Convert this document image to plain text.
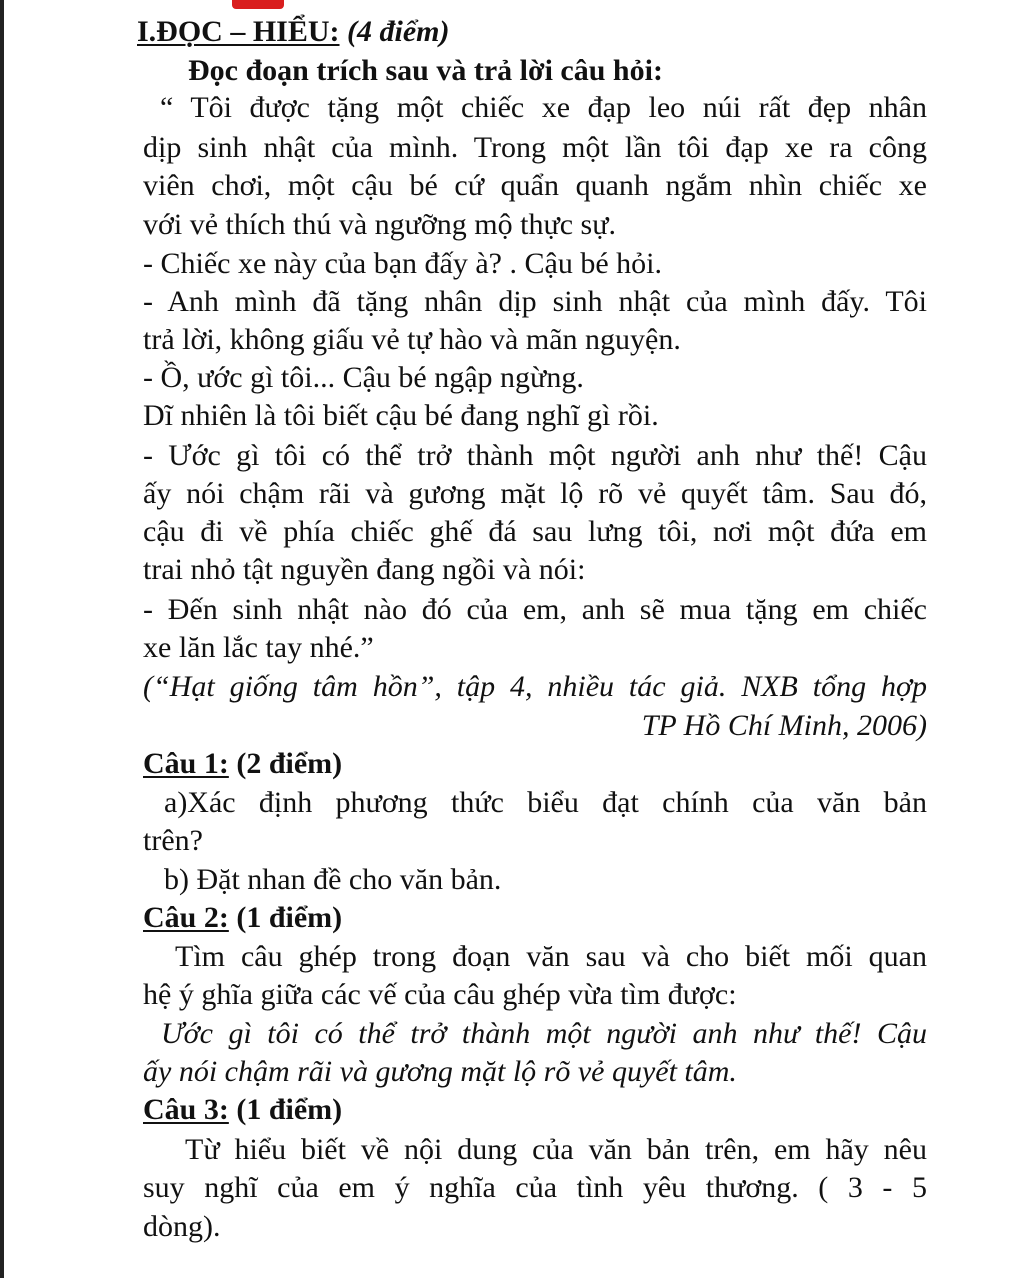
I.ĐỌC – HIỂU: (4 điểm)

Đọc đoạn trích sau và trả lời câu hỏi:

“ Tôi được tặng một chiếc xe đạp leo núi rất đẹp nhân

dịp sinh nhật của mình. Trong một lần tôi đạp xe ra công

viên chơi, một cậu bé cứ quẩn quanh ngắm nhìn chiếc xe

với vẻ thích thú và ngưỡng mộ thực sự.

- Chiếc xe này của bạn đấy à? . Cậu bé hỏi.

- Anh mình đã tặng nhân dịp sinh nhật của mình đấy. Tôi

trả lời, không giấu vẻ tự hào và mãn nguyện.

- Ồ, ước gì tôi... Cậu bé ngập ngừng.

Dĩ nhiên là tôi biết cậu bé đang nghĩ gì rồi.

- Ước gì tôi có thể trở thành một người anh như thế! Cậu

ấy nói chậm rãi và gương mặt lộ rõ vẻ quyết tâm. Sau đó,

cậu đi về phía chiếc ghế đá sau lưng tôi, nơi một đứa em

trai nhỏ tật nguyền đang ngồi và nói:

- Đến sinh nhật nào đó của em, anh sẽ mua tặng em chiếc

xe lăn lắc tay nhé.”

(“Hạt giống tâm hồn”, tập 4, nhiều tác giả. NXB tổng hợp

TP Hồ Chí Minh, 2006)

Câu 1: (2 điểm)

a)Xác định phương thức biểu đạt chính của văn bản

trên?

b) Đặt nhan đề cho văn bản.

Câu 2: (1 điểm)

Tìm câu ghép trong đoạn văn sau và cho biết mối quan

hệ ý ghĩa giữa các vế của câu ghép vừa tìm được:

Ước gì tôi có thể trở thành một người anh như thế! Cậu

ấy nói chậm rãi và gương mặt lộ rõ vẻ quyết tâm.

Câu 3: (1 điểm)

Từ hiểu biết về nội dung của văn bản trên, em hãy nêu

suy nghĩ của em ý nghĩa của tình yêu thương. ( 3 - 5

dòng).
